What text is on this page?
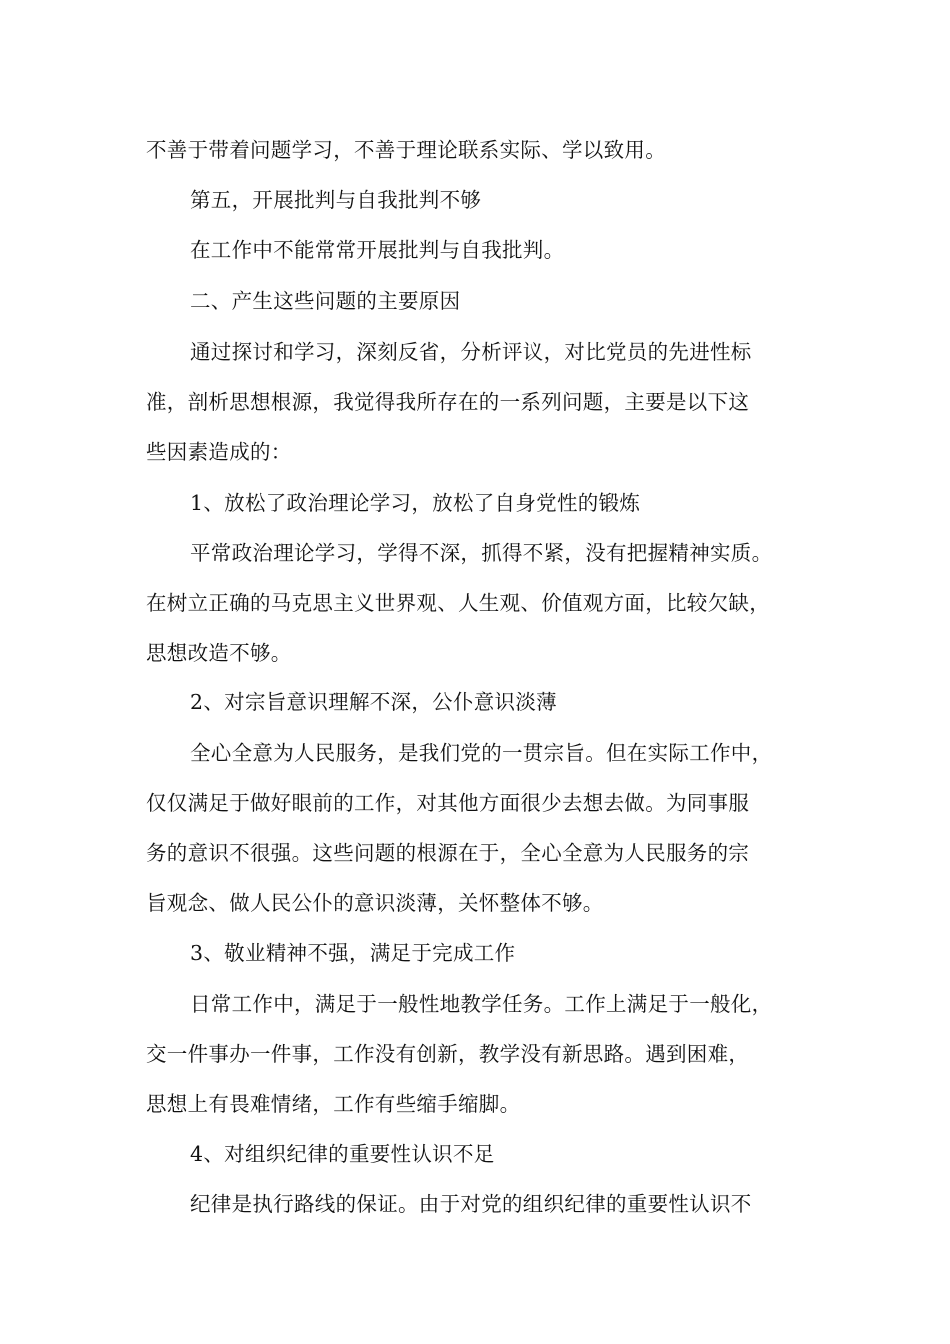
不善于带着问题学习，不善于理论联系实际、学以致用。
第五，开展批判与自我批判不够
在工作中不能常常开展批判与自我批判。
二、产生这些问题的主要原因
通过探讨和学习，深刻反省，分析评议，对比党员的先进性标
准，剖析思想根源，我觉得我所存在的一系列问题，主要是以下这
些因素造成的：
1、放松了政治理论学习，放松了自身党性的锻炼
平常政治理论学习，学得不深，抓得不紧，没有把握精神实质。
在树立正确的马克思主义世界观、人生观、价值观方面，比较欠缺，
思想改造不够。
2、对宗旨意识理解不深，公仆意识淡薄
全心全意为人民服务，是我们党的一贯宗旨。但在实际工作中，
仅仅满足于做好眼前的工作，对其他方面很少去想去做。为同事服
务的意识不很强。这些问题的根源在于，全心全意为人民服务的宗
旨观念、做人民公仆的意识淡薄，关怀整体不够。
3、敬业精神不强，满足于完成工作
日常工作中，满足于一般性地教学任务。工作上满足于一般化，
交一件事办一件事，工作没有创新，教学没有新思路。遇到困难，
思想上有畏难情绪，工作有些缩手缩脚。
4、对组织纪律的重要性认识不足
纪律是执行路线的保证。由于对党的组织纪律的重要性认识不
